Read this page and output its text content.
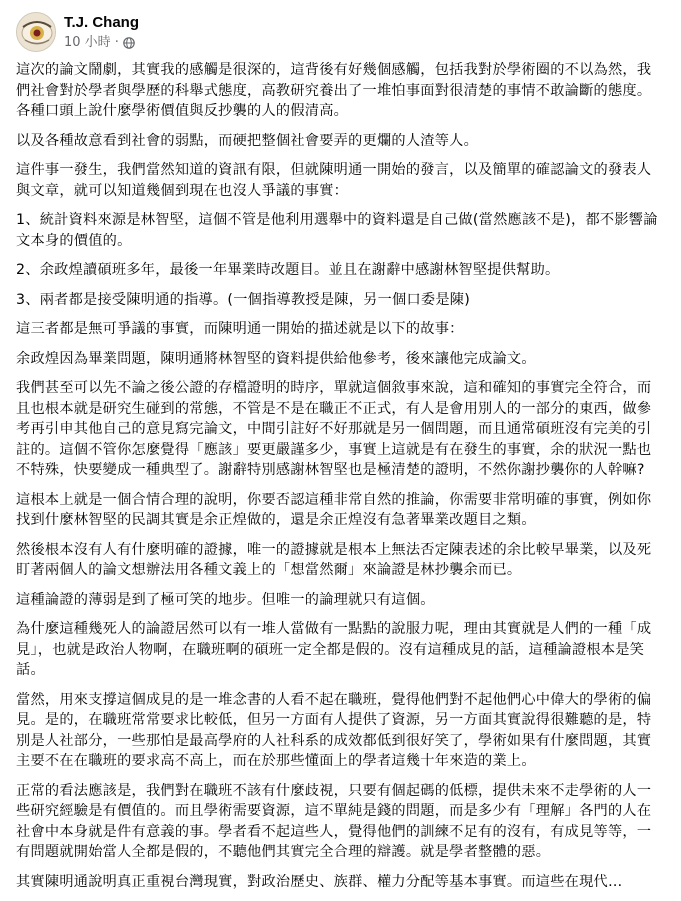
T.J. Chang
10 小時 ·

這次的論文鬧劇，其實我的感觸是很深的，這背後有好幾個感觸，包括我對於學術圈的不以為然，我們社會對於學者與學歷的科舉式態度，高教研究養出了一堆怕事面對很清楚的事情不敢論斷的態度。各種口頭上說什麼學術價值與反抄襲的人的假清高。

以及各種故意看到社會的弱點，而硬把整個社會要弄的更爛的人渣等人。

這件事一發生，我們當然知道的資訊有限，但就陳明通一開始的發言，以及簡單的確認論文的發表人與文章，就可以知道幾個到現在也沒人爭議的事實：

1、統計資料來源是林智堅，這個不管是他利用選舉中的資料還是自己做(當然應該不是)，都不影響論文本身的價值的。

2、余政煌讀碩班多年，最後一年畢業時改題目。並且在謝辭中感謝林智堅提供幫助。

3、兩者都是接受陳明通的指導。(一個指導教授是陳，另一個口委是陳)

這三者都是無可爭議的事實，而陳明通一開始的描述就是以下的故事：

余政煌因為畢業問題，陳明通將林智堅的資料提供給他參考，後來讓他完成論文。

我們甚至可以先不論之後公證的存檔證明的時序，單就這個敘事來說，這和確知的事實完全符合，而且也根本就是研究生碰到的常態，不管是不是在職正不正式，有人是會用別人的一部分的東西，做參考再引申其他自己的意見寫完論文，中間引註好不好那就是另一個問題，而且通常碩班沒有完美的引註的。這個不管你怎麼覺得「應該」要更嚴謹多少，事實上這就是有在發生的事實，余的狀況一點也不特殊，快要變成一種典型了。謝辭特別感謝林智堅也是極清楚的證明，不然你謝抄襲你的人幹嘛?

這根本上就是一個合情合理的說明，你要否認這種非常自然的推論，你需要非常明確的事實，例如你找到什麼林智堅的民調其實是余正煌做的，還是余正煌沒有急著畢業改題目之類。

然後根本沒有人有什麼明確的證據，唯一的證據就是根本上無法否定陳表述的余比較早畢業，以及死盯著兩個人的論文想辦法用各種文義上的「想當然爾」來論證是林抄襲余而已。

這種論證的薄弱是到了極可笑的地步。但唯一的論理就只有這個。

為什麼這種幾死人的論證居然可以有一堆人當做有一點點的說服力呢，理由其實就是人們的一種「成見」，也就是政治人物啊，在職班啊的碩班一定全都是假的。沒有這種成見的話，這種論證根本是笑話。

當然，用來支撐這個成見的是一堆念書的人看不起在職班，覺得他們對不起他們心中偉大的學術的偏見。是的，在職班常常要求比較低，但另一方面有人提供了資源，另一方面其實說得很難聽的是，特別是人社部分，一些那怕是最高學府的人社科系的成效都低到很好笑了，學術如果有什麼問題，其實主要不在在職班的要求高不高上，而在於那些懂面上的學者這幾十年來造的業上。

正常的看法應該是，我們對在職班不該有什麼歧視，只要有個起碼的低標，提供未來不走學術的人一些研究經驗是有價值的。而且學術需要資源，這不單純是錢的問題，而是多少有「理解」各門的人在社會中本身就是件有意義的事。學者看不起這些人，覺得他們的訓練不足有的沒有，有成見等等，一有問題就開始當人全都是假的，不聽他們其實完全合理的辯護。就是學者整體的惡。

其實陳明通說明真正重視台灣現實，對政治歷史、族群、權力分配等基本事實。而這些在現代…
